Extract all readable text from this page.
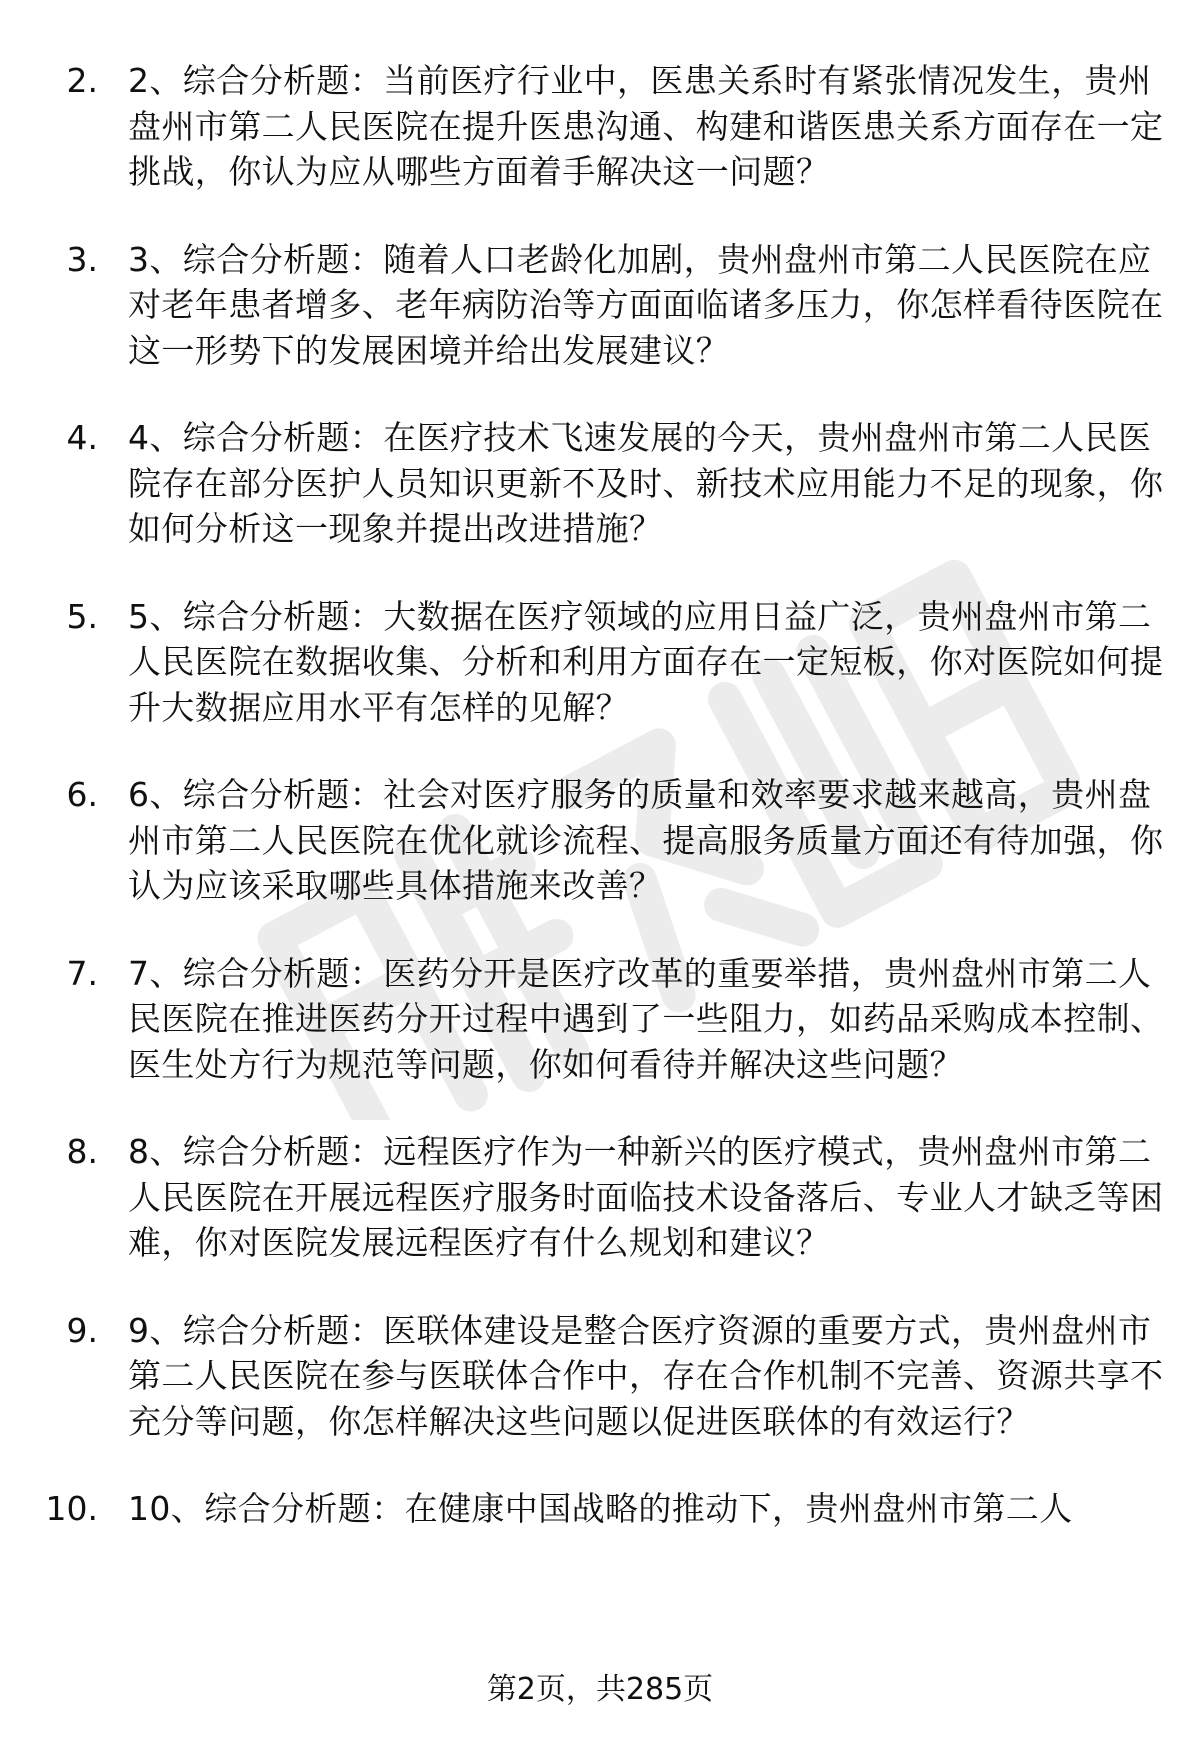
2. 2、综合分析题：当前医疗行业中，医患关系时有紧张情况发生，贵州盘州市第二人民医院在提升医患沟通、构建和谐医患关系方面存在一定挑战，你认为应从哪些方面着手解决这一问题？
3. 3、综合分析题：随着人口老龄化加剧，贵州盘州市第二人民医院在应对老年患者增多、老年病防治等方面面临诸多压力，你怎样看待医院在这一形势下的发展困境并给出发展建议？
4. 4、综合分析题：在医疗技术飞速发展的今天，贵州盘州市第二人民医院存在部分医护人员知识更新不及时、新技术应用能力不足的现象，你如何分析这一现象并提出改进措施？
5. 5、综合分析题：大数据在医疗领域的应用日益广泛，贵州盘州市第二人民医院在数据收集、分析和利用方面存在一定短板，你对医院如何提升大数据应用水平有怎样的见解？
6. 6、综合分析题：社会对医疗服务的质量和效率要求越来越高，贵州盘州市第二人民医院在优化就诊流程、提高服务质量方面还有待加强，你认为应该采取哪些具体措施来改善？
7. 7、综合分析题：医药分开是医疗改革的重要举措，贵州盘州市第二人民医院在推进医药分开过程中遇到了一些阻力，如药品采购成本控制、医生处方行为规范等问题，你如何看待并解决这些问题？
8. 8、综合分析题：远程医疗作为一种新兴的医疗模式，贵州盘州市第二人民医院在开展远程医疗服务时面临技术设备落后、专业人才缺乏等困难，你对医院发展远程医疗有什么规划和建议？
9. 9、综合分析题：医联体建设是整合医疗资源的重要方式，贵州盘州市第二人民医院在参与医联体合作中，存在合作机制不完善、资源共享不充分等问题，你怎样解决这些问题以促进医联体的有效运行？
10. 10、综合分析题：在健康中国战略的推动下，贵州盘州市第二人
第2页，共285页
